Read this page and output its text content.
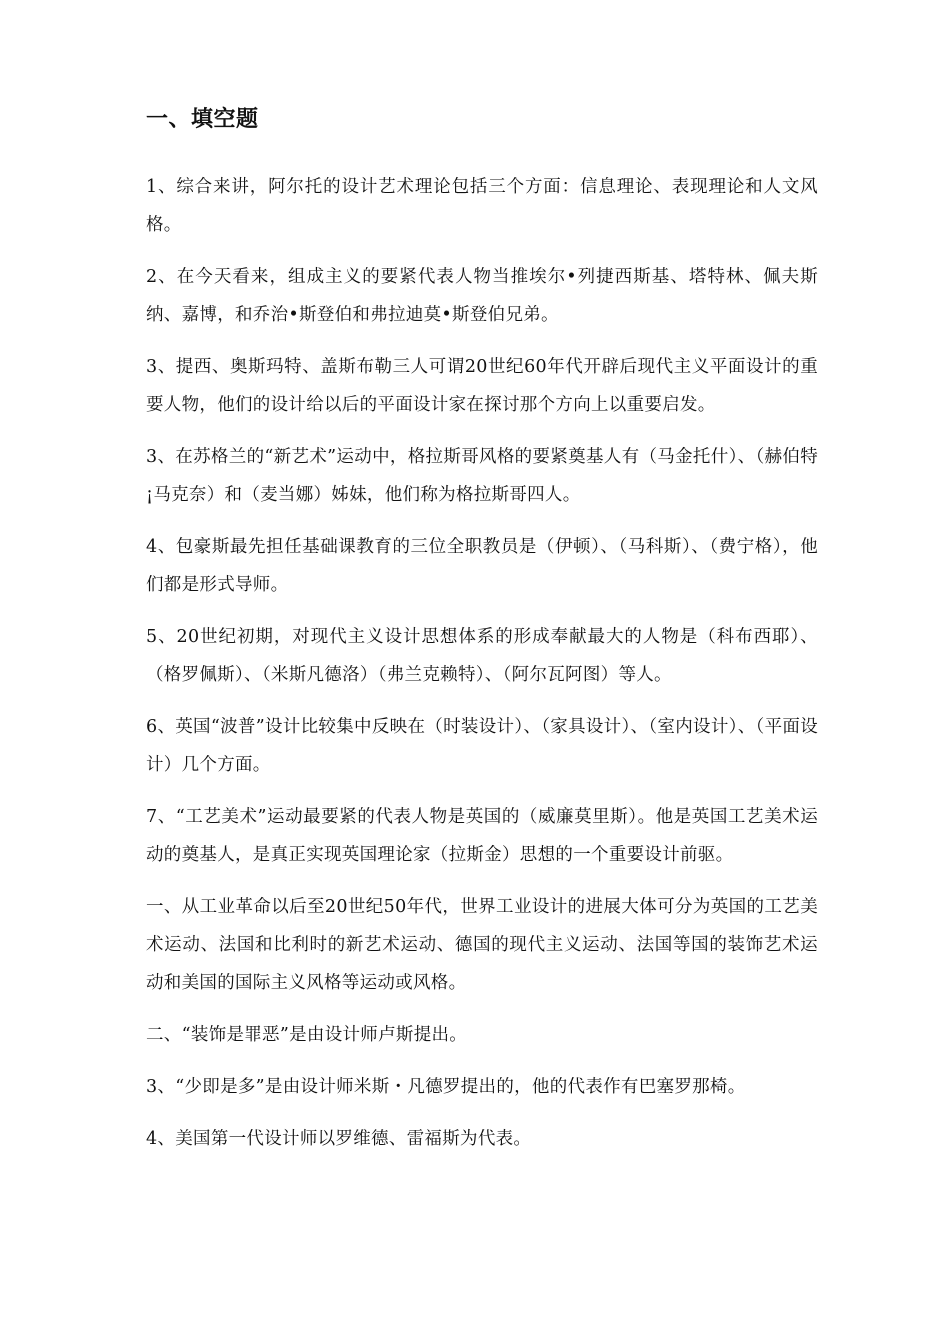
一、填空题

1、综合来讲，阿尔托的设计艺术理论包括三个方面：信息理论、表现理论和人文风格。

2、在今天看来，组成主义的要紧代表人物当推埃尔•列捷西斯基、塔特林、佩夫斯纳、嘉博，和乔治•斯登伯和弗拉迪莫•斯登伯兄弟。

3、提西、奥斯玛特、盖斯布勒三人可谓20世纪60年代开辟后现代主义平面设计的重要人物，他们的设计给以后的平面设计家在探讨那个方向上以重要启发。

3、在苏格兰的“新艺术”运动中，格拉斯哥风格的要紧奠基人有（马金托什）、（赫伯特¡马克奈）和（麦当娜）姊妹，他们称为格拉斯哥四人。

4、包豪斯最先担任基础课教育的三位全职教员是（伊顿）、（马科斯）、（费宁格），他们都是形式导师。

5、20世纪初期，对现代主义设计思想体系的形成奉献最大的人物是（科布西耶）、（格罗佩斯）、（米斯凡德洛）（弗兰克赖特）、（阿尔瓦阿图）等人。

6、英国“波普”设计比较集中反映在（时装设计）、（家具设计）、（室内设计）、（平面设计）几个方面。

7、“工艺美术”运动最要紧的代表人物是英国的（威廉莫里斯）。他是英国工艺美术运动的奠基人，是真正实现英国理论家（拉斯金）思想的一个重要设计前驱。

一、从工业革命以后至20世纪50年代，世界工业设计的进展大体可分为英国的工艺美术运动、法国和比利时的新艺术运动、德国的现代主义运动、法国等国的装饰艺术运动和美国的国际主义风格等运动或风格。

二、“装饰是罪恶”是由设计师卢斯提出。

3、“少即是多”是由设计师米斯・凡德罗提出的，他的代表作有巴塞罗那椅。

4、美国第一代设计师以罗维德、雷福斯为代表。
